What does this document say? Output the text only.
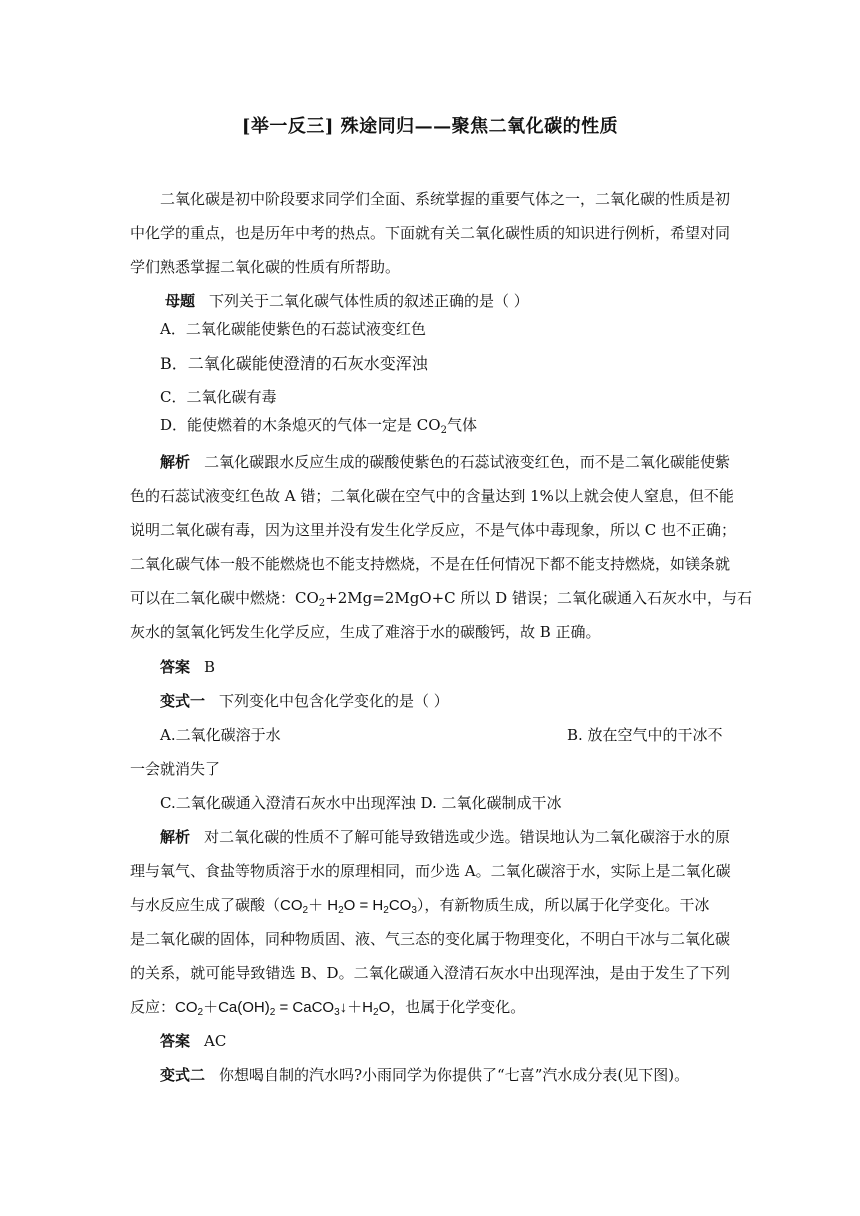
[举一反三] 殊途同归——聚焦二氧化碳的性质
二氧化碳是初中阶段要求同学们全面、系统掌握的重要气体之一，二氧化碳的性质是初
中化学的重点，也是历年中考的热点。下面就有关二氧化碳性质的知识进行例析，希望对同
学们熟悉掌握二氧化碳的性质有所帮助。
母题 下列关于二氧化碳气体性质的叙述正确的是（ ）
A．二氧化碳能使紫色的石蕊试液变红色
B．二氧化碳能使澄清的石灰水变浑浊
C．二氧化碳有毒
D．能使燃着的木条熄灭的气体一定是 $CO_2$气体
解析 二氧化碳跟水反应生成的碳酸使紫色的石蕊试液变红色，而不是二氧化碳能使紫
色的石蕊试液变红色故 A 错；二氧化碳在空气中的含量达到 1%以上就会使人窒息，但不能
说明二氧化碳有毒，因为这里并没有发生化学反应，不是气体中毒现象，所以 C 也不正确；
二氧化碳气体一般不能燃烧也不能支持燃烧，不是在任何情况下都不能支持燃烧，如镁条就
可以在二氧化碳中燃烧：$CO_2+2Mg=2MgO+C$ 所以 D 错误；二氧化碳通入石灰水中，与石
灰水的氢氧化钙发生化学反应，生成了难溶于水的碳酸钙，故 B 正确。
答案 B
变式一 下列变化中包含化学变化的是（ ）
A.二氧化碳溶于水	B. 放在空气中的干冰不
一会就消失了
C.二氧化碳通入澄清石灰水中出现浑浊 D. 二氧化碳制成干冰
解析 对二氧化碳的性质不了解可能导致错选或少选。错误地认为二氧化碳溶于水的原
理与氧气、食盐等物质溶于水的原理相同，而少选 A。二氧化碳溶于水，实际上是二氧化碳
与水反应生成了碳酸$(CO_2+ H_2O = H_2CO_3)$，有新物质生成，所以属于化学变化。干冰
是二氧化碳的固体，同种物质固、液、气三态的变化属于物理变化，不明白干冰与二氧化碳
的关系，就可能导致错选 B、D。二氧化碳通入澄清石灰水中出现浑浊，是由于发生了下列
反应：$CO_2+Ca(OH)_2$ = $CaCO_3↓+H_2O$，也属于化学变化。
答案 AC
变式二 你想喝自制的汽水吗?小雨同学为你提供了“七喜”汽水成分表(见下图)。
